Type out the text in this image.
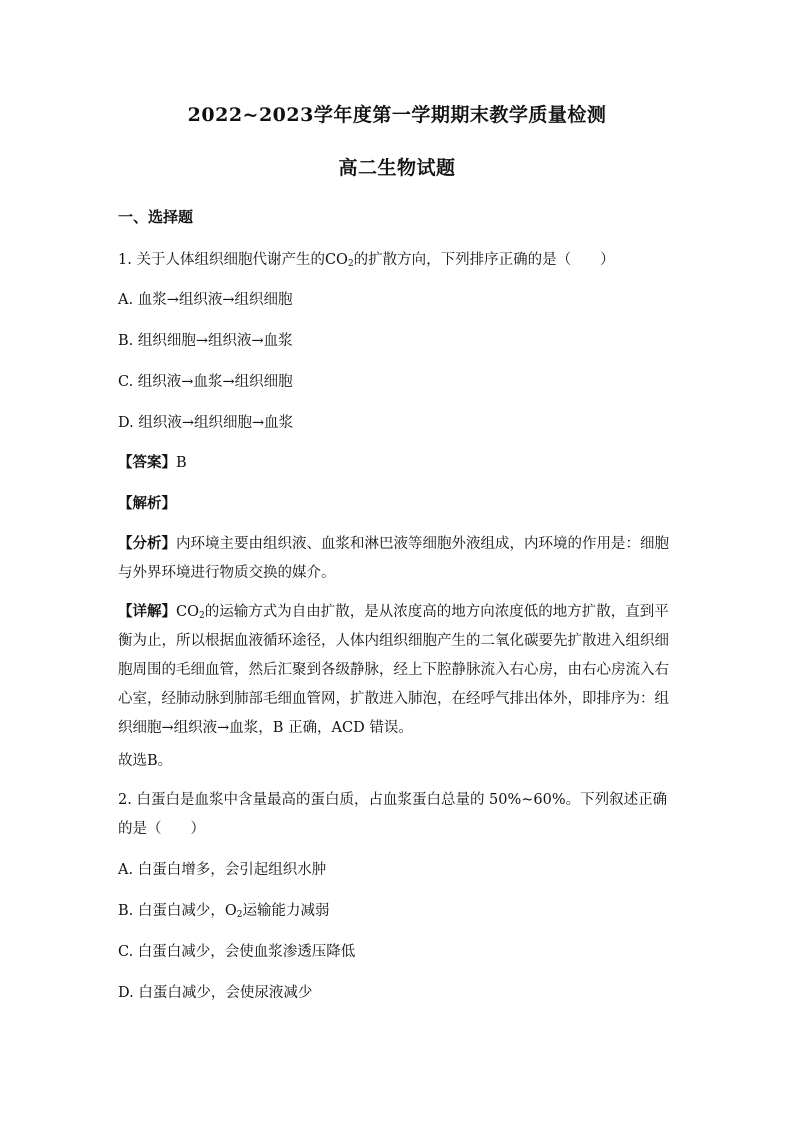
2022~2023学年度第一学期期末教学质量检测
高二生物试题
一、选择题
1. 关于人体组织细胞代谢产生的$CO_2$的扩散方向，下列排序正确的是（　　）
A. 血浆→组织液→组织细胞
B. 组织细胞→组织液→血浆
C. 组织液→血浆→组织细胞
D. 组织液→组织细胞→血浆
【答案】B
【解析】
【分析】内环境主要由组织液、血浆和淋巴液等细胞外液组成，内环境的作用是：细胞与外界环境进行物质交换的媒介。
【详解】$CO_2$的运输方式为自由扩散，是从浓度高的地方向浓度低的地方扩散，直到平衡为止，所以根据血液循环途径，人体内组织细胞产生的二氧化碳要先扩散进入组织细胞周围的毛细血管，然后汇聚到各级静脉，经上下腔静脉流入右心房，由右心房流入右心室，经肺动脉到肺部毛细血管网，扩散进入肺泡，在经呼气排出体外，即排序为：组织细胞→组织液→血浆，B 正确，ACD 错误。
故选B。
2. 白蛋白是血浆中含量最高的蛋白质，占血浆蛋白总量的 50%~60%。下列叙述正确的是（　　）
A. 白蛋白增多，会引起组织水肿
B. 白蛋白减少，$O_2$运输能力减弱
C. 白蛋白减少，会使血浆渗透压降低
D. 白蛋白减少，会使尿液减少
